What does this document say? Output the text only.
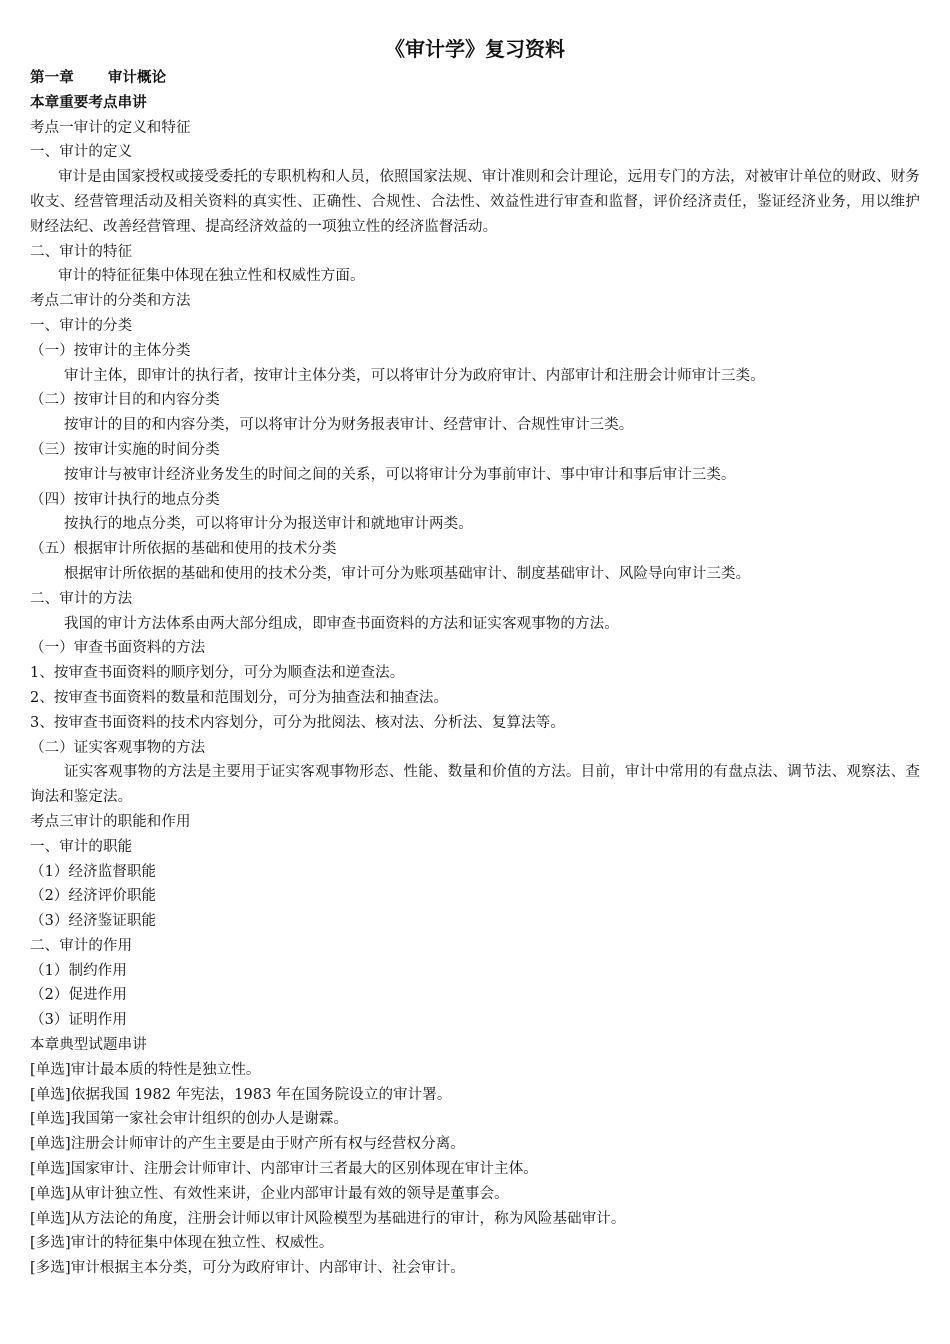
《审计学》复习资料

第一章 审计概论

本章重要考点串讲

考点一审计的定义和特征

一、审计的定义

审计是由国家授权或接受委托的专职机构和人员，依照国家法规、审计准则和会计理论，远用专门的方法，对被审计单位的财政、财务收支、经营管理活动及相关资料的真实性、正确性、合规性、合法性、效益性进行审查和监督，评价经济责任，鉴证经济业务，用以维护财经法纪、改善经营管理、提高经济效益的一项独立性的经济监督活动。

二、审计的特征

审计的特征征集中体现在独立性和权威性方面。

考点二审计的分类和方法

一、审计的分类

（一）按审计的主体分类

审计主体，即审计的执行者，按审计主体分类，可以将审计分为政府审计、内部审计和注册会计师审计三类。

（二）按审计目的和内容分类

按审计的目的和内容分类，可以将审计分为财务报表审计、经营审计、合规性审计三类。

（三）按审计实施的时间分类

按审计与被审计经济业务发生的时间之间的关系，可以将审计分为事前审计、事中审计和事后审计三类。

（四）按审计执行的地点分类

按执行的地点分类，可以将审计分为报送审计和就地审计两类。

（五）根据审计所依据的基础和使用的技术分类

根据审计所依据的基础和使用的技术分类，审计可分为账项基础审计、制度基础审计、风险导向审计三类。

二、审计的方法

我国的审计方法体系由两大部分组成，即审查书面资料的方法和证实客观事物的方法。

（一）审查书面资料的方法

1、按审查书面资料的顺序划分，可分为顺查法和逆查法。

2、按审查书面资料的数量和范围划分，可分为抽查法和抽查法。

3、按审查书面资料的技术内容划分，可分为批阅法、核对法、分析法、复算法等。

（二）证实客观事物的方法

证实客观事物的方法是主要用于证实客观事物形态、性能、数量和价值的方法。目前，审计中常用的有盘点法、调节法、观察法、查询法和鉴定法。

考点三审计的职能和作用

一、审计的职能

（1）经济监督职能

（2）经济评价职能

（3）经济鉴证职能

二、审计的作用

（1）制约作用

（2）促进作用

（3）证明作用

本章典型试题串讲

[单选]审计最本质的特性是独立性。

[单选]依据我国 1982 年宪法，1983 年在国务院设立的审计署。

[单选]我国第一家社会审计组织的创办人是谢霖。

[单选]注册会计师审计的产生主要是由于财产所有权与经营权分离。

[单选]国家审计、注册会计师审计、内部审计三者最大的区别体现在审计主体。

[单选]从审计独立性、有效性来讲，企业内部审计最有效的领导是董事会。

[单选]从方法论的角度，注册会计师以审计风险模型为基础进行的审计，称为风险基础审计。

[多选]审计的特征集中体现在独立性、权威性。

[多选]审计根据主本分类，可分为政府审计、内部审计、社会审计。
